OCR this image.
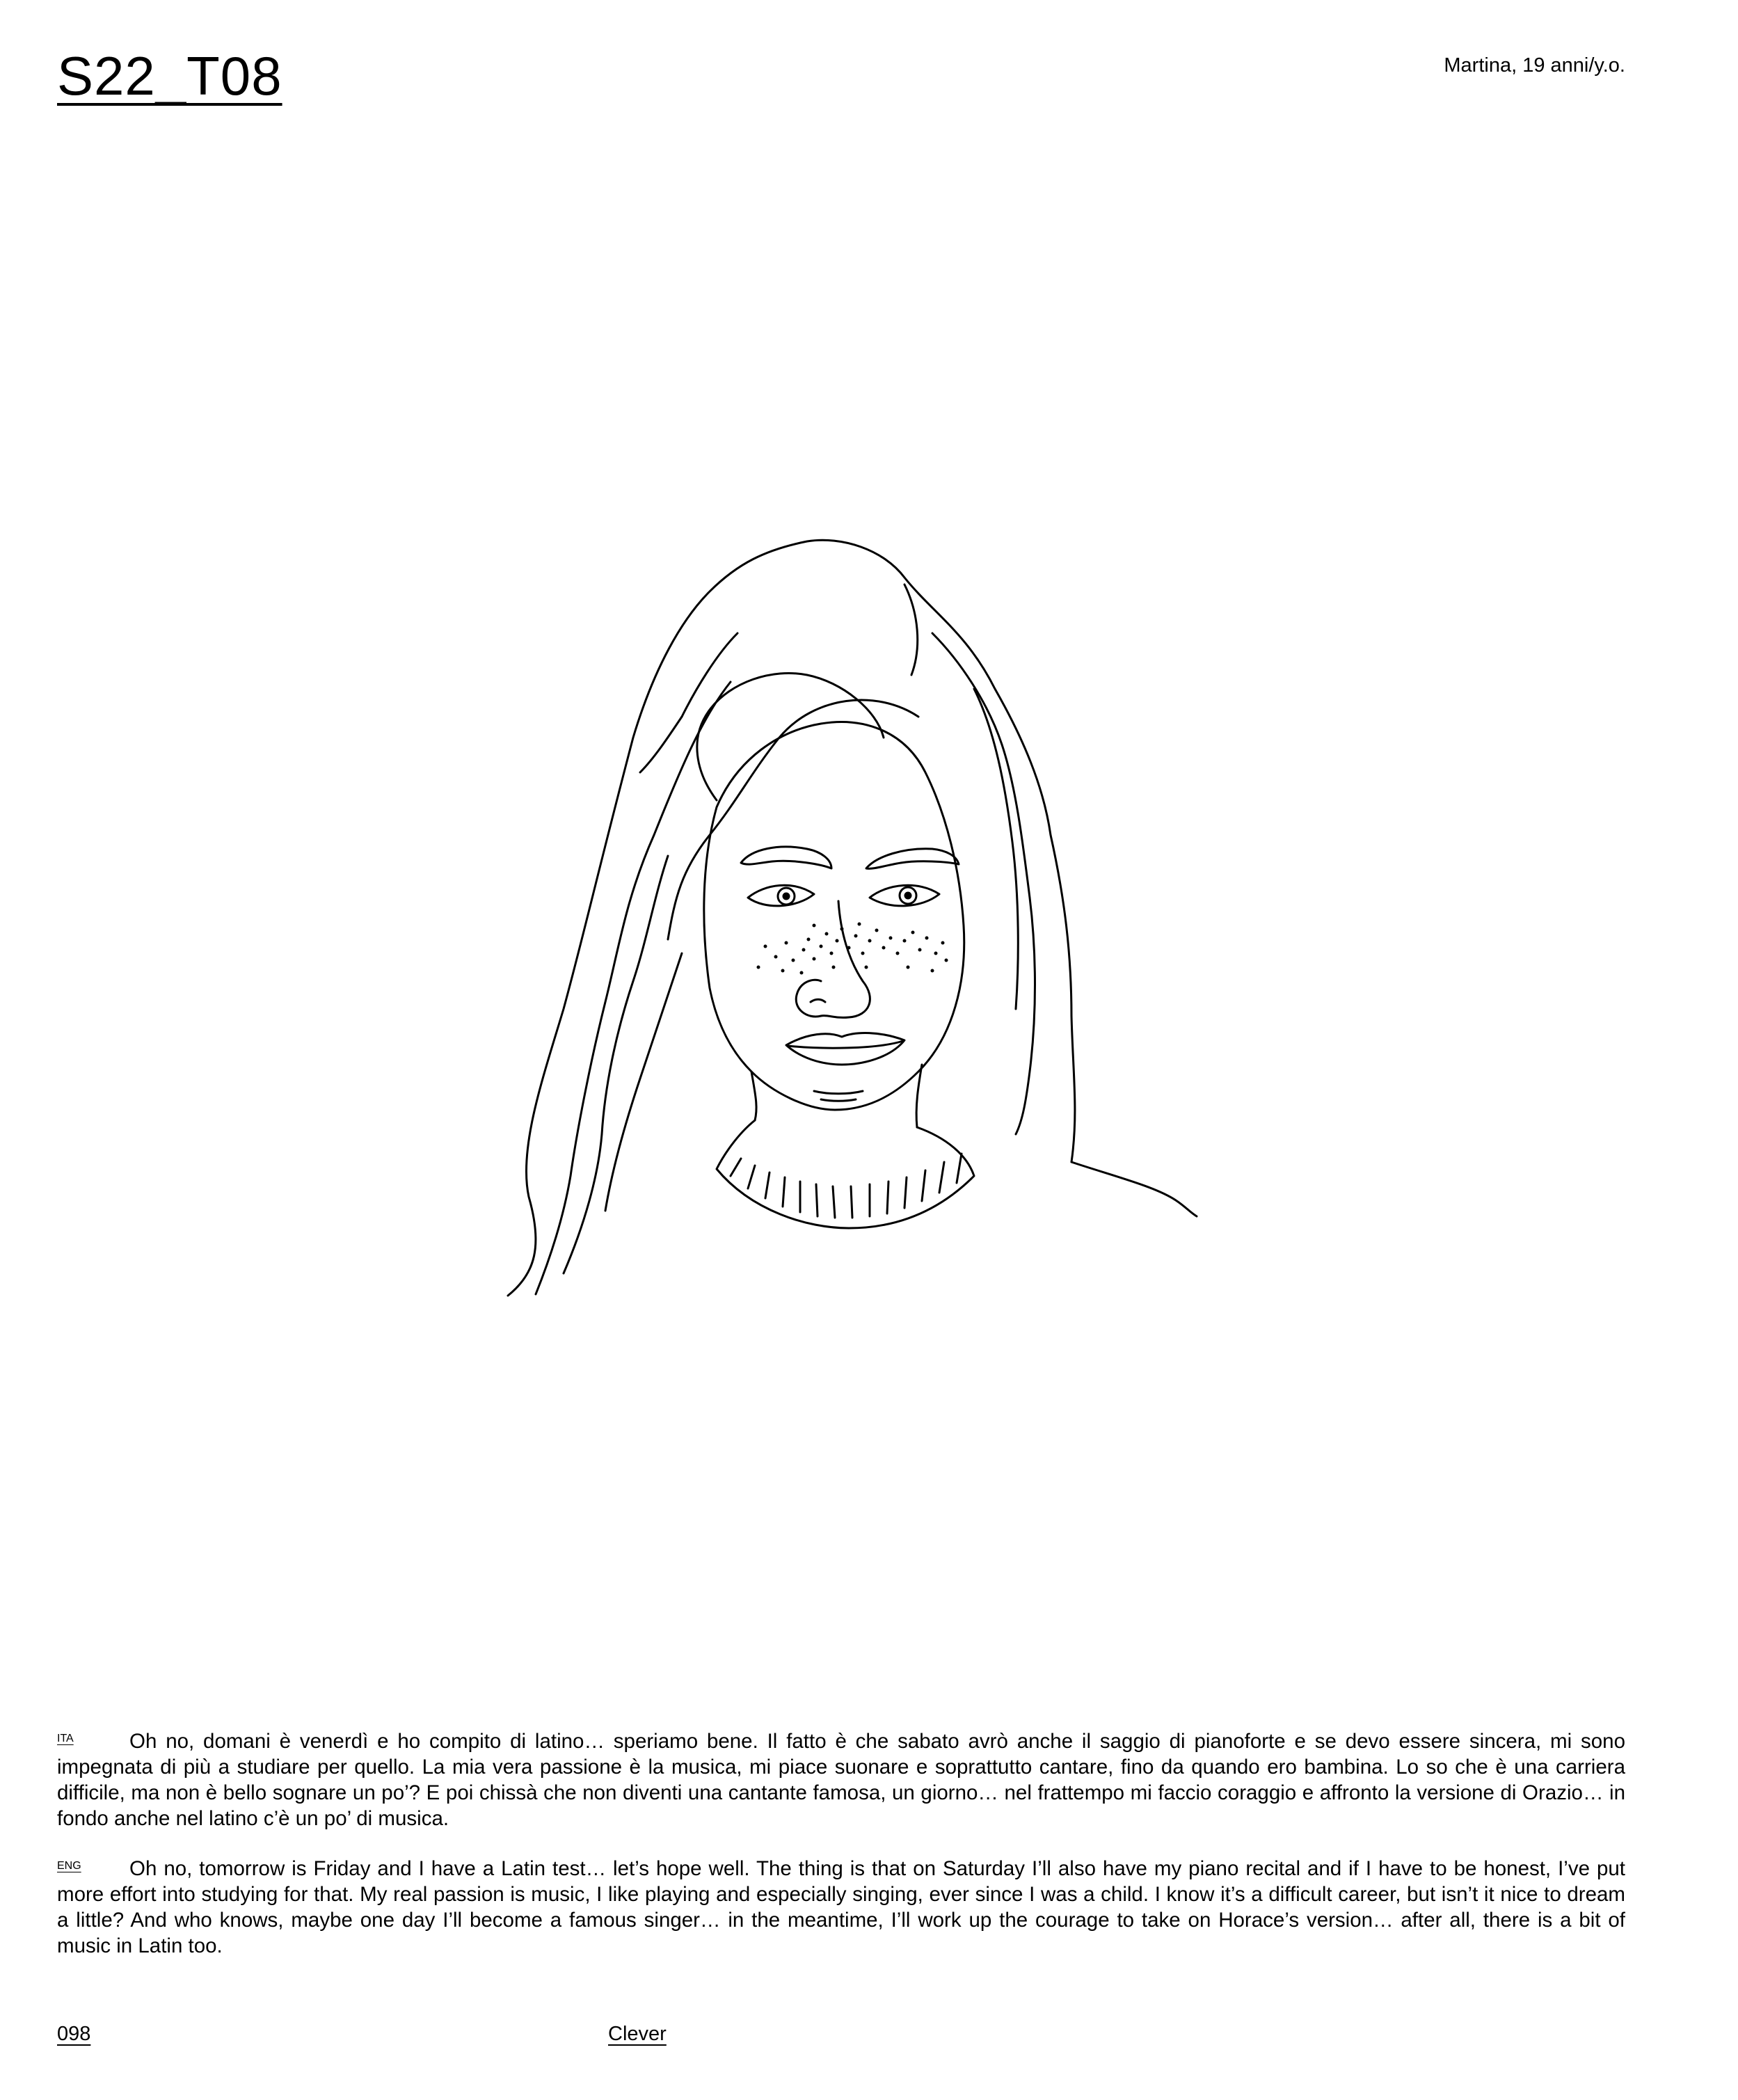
S22_T08	Martina, 19 anni/y.o.
ITA	Oh no, domani è venerdì e ho compito di latino… speriamo bene. Il fatto è che sabato avrò anche il saggio di pianoforte e se devo essere sincera, mi sono impegnata di più a studiare per quello. La mia vera passione è la musica, mi piace suonare e soprattutto cantare, fino da quando ero bambina. Lo so che è una carriera difficile, ma non è bello sognare un po’? E poi chissà che non diventi una cantante famosa, un giorno… nel frattempo mi faccio coraggio e affronto la versione di Orazio… in fondo anche nel latino c’è un po’ di musica.

ENG	Oh no, tomorrow is Friday and I have a Latin test… let’s hope well. The thing is that on Saturday I’ll also have my piano recital and if I have to be honest, I’ve put more effort into studying for that. My real passion is music, I like playing and especially singing, ever since I was a child. I know it’s a difficult career, but isn’t it nice to dream a little? And who knows, maybe one day I’ll become a famous singer… in the meantime, I’ll work up the courage to take on Horace’s version… after all, there is a bit of music in Latin too.

098	Clever
